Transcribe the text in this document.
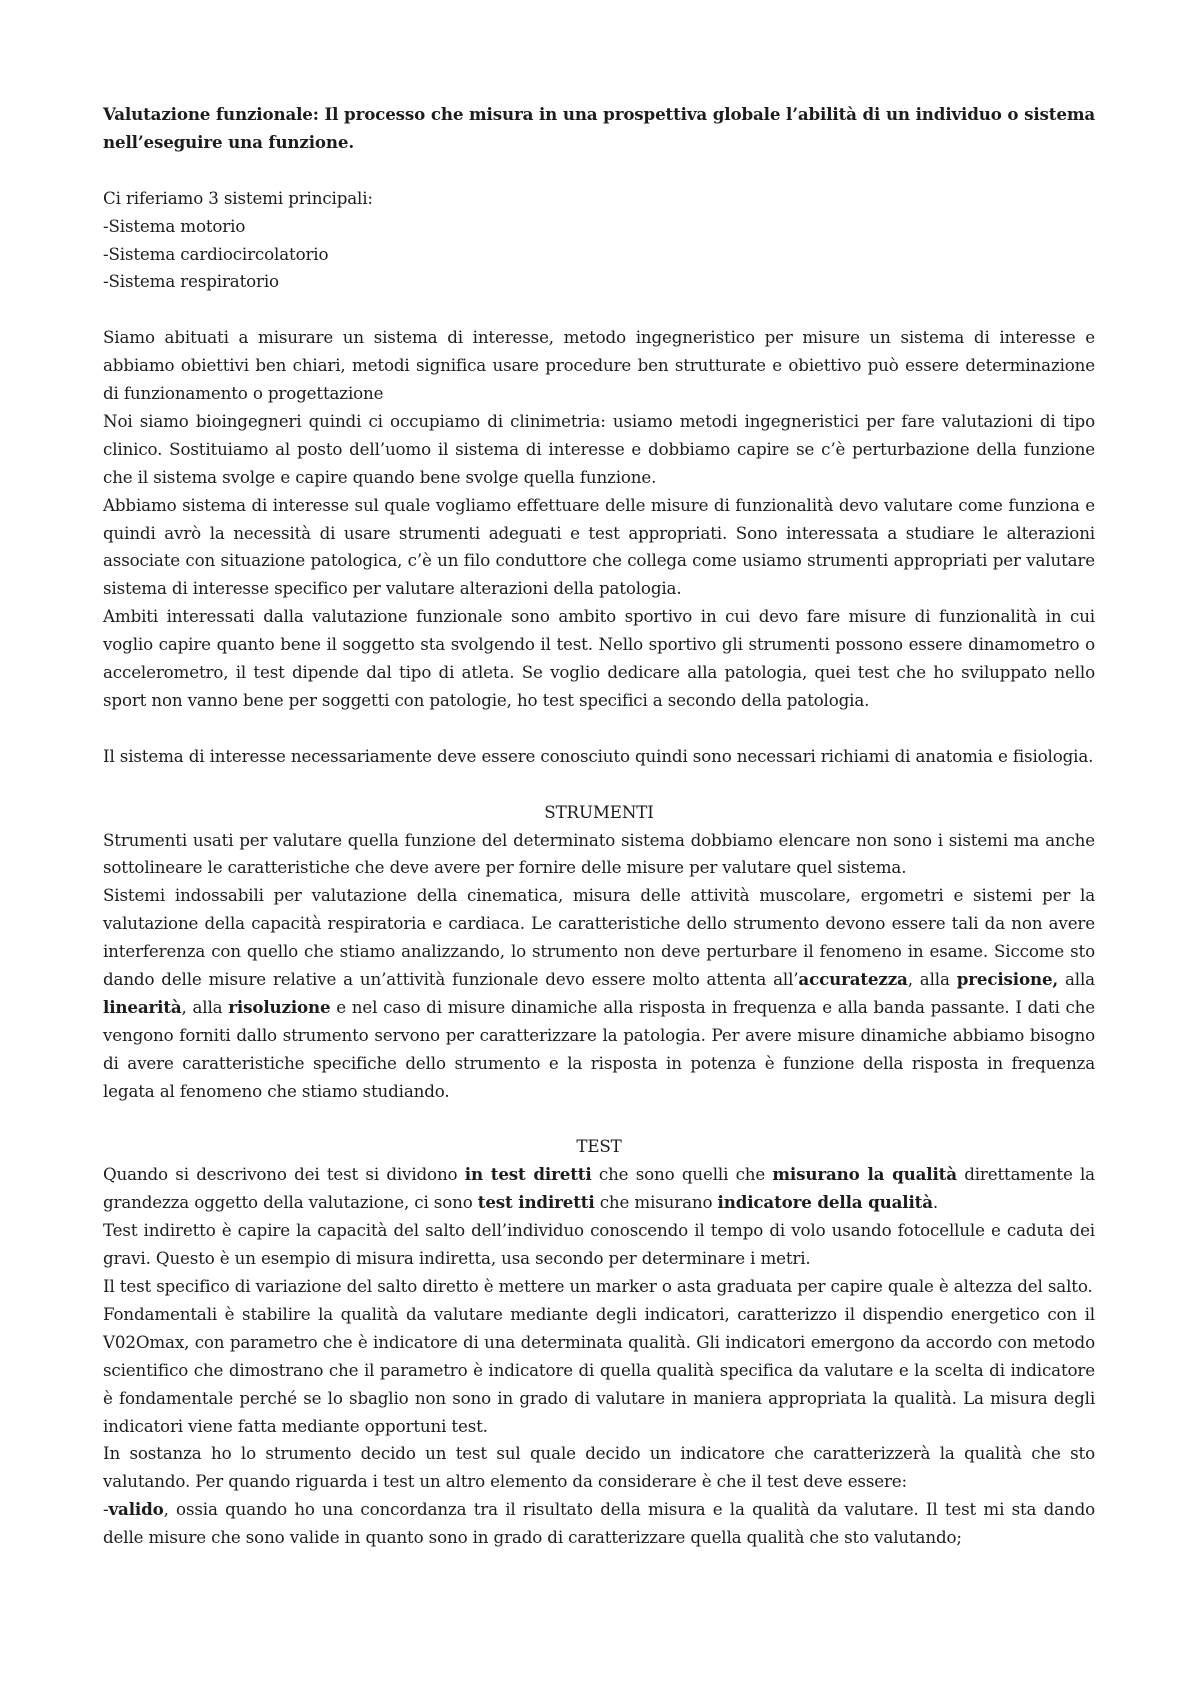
Valutazione funzionale: Il processo che misura in una prospettiva globale l’abilità di un individuo o sistema nell’eseguire una funzione.

Ci riferiamo 3 sistemi principali:

-Sistema motorio
-Sistema cardiocircolatorio
-Sistema respiratorio

Siamo abituati a misurare un sistema di interesse, metodo ingegneristico per misure un sistema di interesse e abbiamo obiettivi ben chiari, metodi significa usare procedure ben strutturate e obiettivo può essere determinazione di funzionamento o progettazione

Noi siamo bioingegneri quindi ci occupiamo di clinimetria: usiamo metodi ingegneristici per fare valutazioni di tipo clinico. Sostituiamo al posto dell’uomo il sistema di interesse e dobbiamo capire se c’è perturbazione della funzione che il sistema svolge e capire quando bene svolge quella funzione.

Abbiamo sistema di interesse sul quale vogliamo effettuare delle misure di funzionalità devo valutare come funziona e quindi avrò la necessità di usare strumenti adeguati e test appropriati. Sono interessata a studiare le alterazioni associate con situazione patologica, c’è un filo conduttore che collega come usiamo strumenti appropriati per valutare sistema di interesse specifico per valutare alterazioni della patologia.

Ambiti interessati dalla valutazione funzionale sono ambito sportivo in cui devo fare misure di funzionalità in cui voglio capire quanto bene il soggetto sta svolgendo il test. Nello sportivo gli strumenti possono essere dinamometro o accelerometro, il test dipende dal tipo di atleta. Se voglio dedicare alla patologia, quei test che ho sviluppato nello sport non vanno bene per soggetti con patologie, ho test specifici a secondo della patologia.

Il sistema di interesse necessariamente deve essere conosciuto quindi sono necessari richiami di anatomia e fisiologia.

STRUMENTI

Strumenti usati per valutare quella funzione del determinato sistema dobbiamo elencare non sono i sistemi ma anche sottolineare le caratteristiche che deve avere per fornire delle misure per valutare quel sistema.

Sistemi indossabili per valutazione della cinematica, misura delle attività muscolare, ergometri e sistemi per la valutazione della capacità respiratoria e cardiaca. Le caratteristiche dello strumento devono essere tali da non avere interferenza con quello che stiamo analizzando, lo strumento non deve perturbare il fenomeno in esame. Siccome sto dando delle misure relative a un’attività funzionale devo essere molto attenta all’accuratezza, alla precisione, alla linearità, alla risoluzione e nel caso di misure dinamiche alla risposta in frequenza e alla banda passante. I dati che vengono forniti dallo strumento servono per caratterizzare la patologia. Per avere misure dinamiche abbiamo bisogno di avere caratteristiche specifiche dello strumento e la risposta in potenza è funzione della risposta in frequenza legata al fenomeno che stiamo studiando.

TEST

Quando si descrivono dei test si dividono in test diretti che sono quelli che misurano la qualità direttamente la grandezza oggetto della valutazione, ci sono test indiretti che misurano indicatore della qualità.

Test indiretto è capire la capacità del salto dell’individuo conoscendo il tempo di volo usando fotocellule e caduta dei gravi. Questo è un esempio di misura indiretta, usa secondo per determinare i metri.

Il test specifico di variazione del salto diretto è mettere un marker o asta graduata per capire quale è altezza del salto.

Fondamentali è stabilire la qualità da valutare mediante degli indicatori, caratterizzo il dispendio energetico con il V02Omax, con parametro che è indicatore di una determinata qualità. Gli indicatori emergono da accordo con metodo scientifico che dimostrano che il parametro è indicatore di quella qualità specifica da valutare e la scelta di indicatore è fondamentale perché se lo sbaglio non sono in grado di valutare in maniera appropriata la qualità. La misura degli indicatori viene fatta mediante opportuni test.

In sostanza ho lo strumento decido un test sul quale decido un indicatore che caratterizzerà la qualità che sto valutando. Per quando riguarda i test un altro elemento da considerare è che il test deve essere:

-valido, ossia quando ho una concordanza tra il risultato della misura e la qualità da valutare. Il test mi sta dando delle misure che sono valide in quanto sono in grado di caratterizzare quella qualità che sto valutando;
